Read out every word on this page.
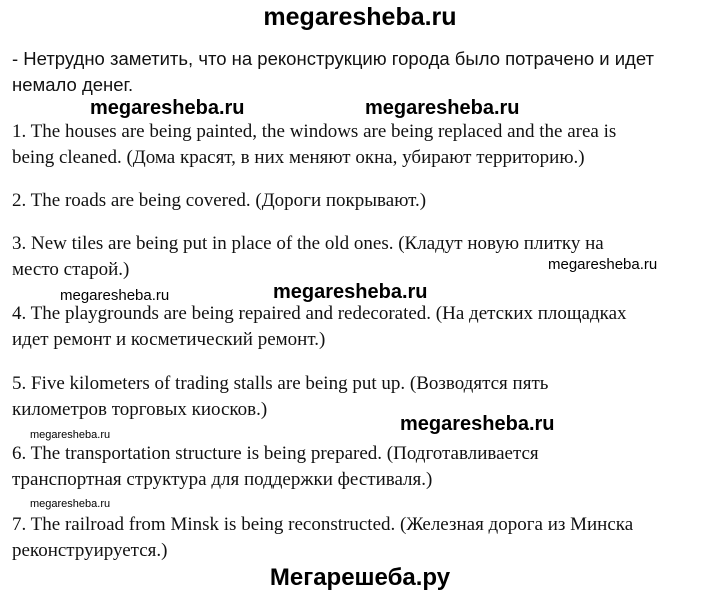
megaresheba.ru
- Нетрудно заметить, что на реконструкцию города было потрачено и идет
немало денег.
megaresheba.ru	megaresheba.ru
1. The houses are being painted, the windows are being replaced and the area is
being cleaned. (Дома красят, в них меняют окна, убирают территорию.)
2. The roads are being covered. (Дороги покрывают.)
3. New tiles are being put in place of the old ones. (Кладут новую плитку на
место старой.)	megaresheba.ru
megaresheba.ru	megaresheba.ru
4. The playgrounds are being repaired and redecorated. (На детских площадках
идет ремонт и косметический ремонт.)
5. Five kilometers of trading stalls are being put up. (Возводятся пять
километров торговых киосков.)
megaresheba.ru
megaresheba.ru
6. The transportation structure is being prepared. (Подготавливается
транспортная структура для поддержки фестиваля.)
megaresheba.ru
7. The railroad from Minsk is being reconstructed. (Железная дорога из Минска
реконструируется.)
Мегарешеба.ру
